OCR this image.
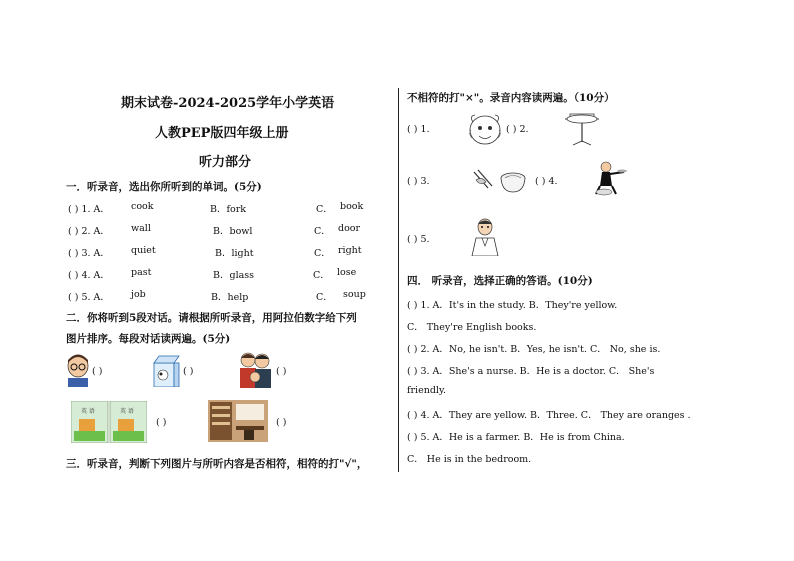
期末试卷-2024-2025学年小学英语
人教PEP版四年级上册
听力部分
一．听录音，选出你所听到的单词。(5分)
( ) 1. A． cook	B．fork	C． book
( ) 2. A． wall	B．bowl	C． door
( ) 3. A． quiet	B．light	C． right
( ) 4. A． past	B．glass	C． lose
( ) 5. A． job	B．help	C． soup
二．你将听到5段对话。请根据所听录音，用阿拉伯数字给下列
图片排序。每段对话读两遍。(5分)
( )	( )	( )
英 语	英 语
( )	( )
三．听录音，判断下列图片与所听内容是否相符，相符的打"√"，
不相符的打"×"。录音内容读两遍。（10分）
( ) 1.	( ) 2.
( ) 3.	( ) 4.
( ) 5.
四． 听录音，选择正确的答语。(10分)
( ) 1. A．It's in the study. B．They're yellow.
C． They're English books.
( ) 2. A．No, he isn't. B．Yes, he isn't. C． No, she is.
( ) 3. A．She's a nurse. B．He is a doctor. C． She's
friendly.
( ) 4. A．They are yellow. B．Three. C． They are oranges .
( ) 5. A．He is a farmer. B．He is from China.
C． He is in the bedroom.
